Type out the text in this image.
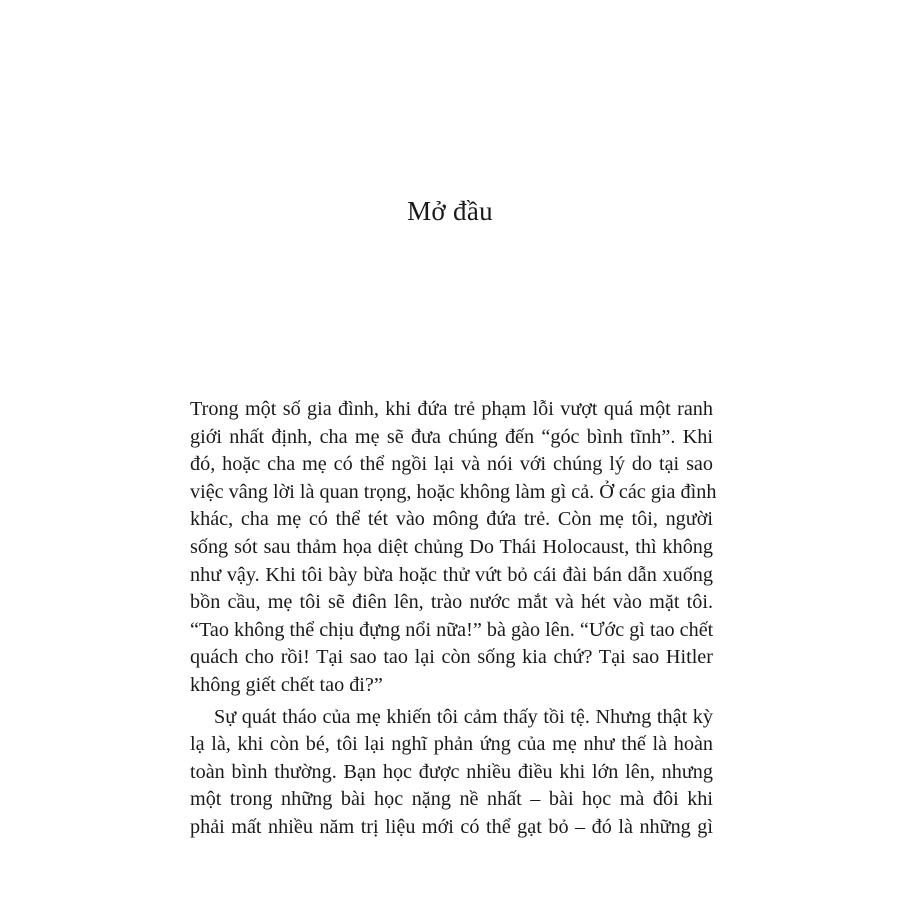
Mở đầu

Trong một số gia đình, khi đứa trẻ phạm lỗi vượt quá một ranh
giới nhất định, cha mẹ sẽ đưa chúng đến “góc bình tĩnh”. Khi
đó, hoặc cha mẹ có thể ngồi lại và nói với chúng lý do tại sao
việc vâng lời là quan trọng, hoặc không làm gì cả. Ở các gia đình
khác, cha mẹ có thể tét vào mông đứa trẻ. Còn mẹ tôi, người
sống sót sau thảm họa diệt chủng Do Thái Holocaust, thì không
như vậy. Khi tôi bày bừa hoặc thử vứt bỏ cái đài bán dẫn xuống
bồn cầu, mẹ tôi sẽ điên lên, trào nước mắt và hét vào mặt tôi.
“Tao không thể chịu đựng nổi nữa!” bà gào lên. “Ước gì tao chết
quách cho rồi! Tại sao tao lại còn sống kia chứ? Tại sao Hitler
không giết chết tao đi?”

Sự quát tháo của mẹ khiến tôi cảm thấy tồi tệ. Nhưng thật kỳ
lạ là, khi còn bé, tôi lại nghĩ phản ứng của mẹ như thế là hoàn
toàn bình thường. Bạn học được nhiều điều khi lớn lên, nhưng
một trong những bài học nặng nề nhất – bài học mà đôi khi
phải mất nhiều năm trị liệu mới có thể gạt bỏ – đó là những gì
